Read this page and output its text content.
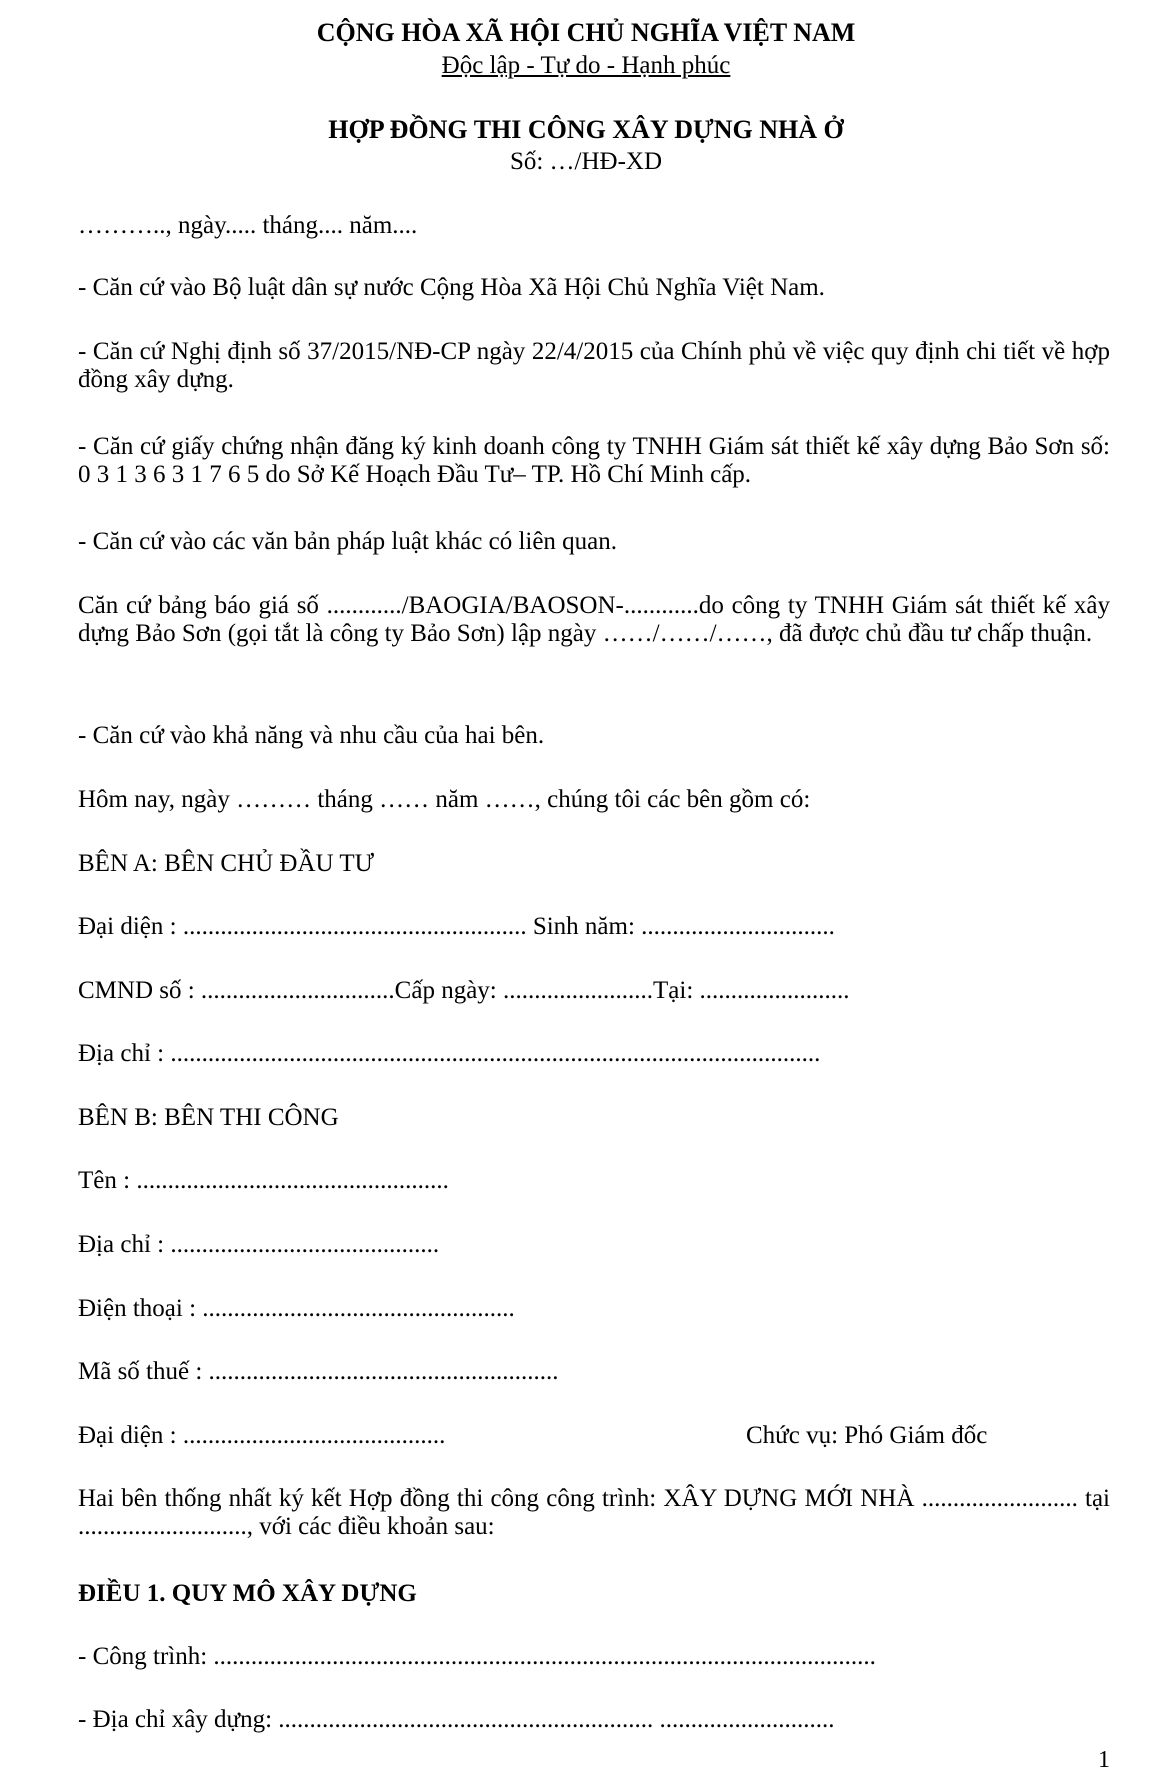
CỘNG HÒA XÃ HỘI CHỦ NGHĨA VIỆT NAM
Độc lập - Tự do - Hạnh phúc
HỢP ĐỒNG THI CÔNG XÂY DỰNG NHÀ Ở
Số: …/HĐ-XD
……….., ngày..... tháng.... năm....
- Căn cứ vào Bộ luật dân sự nước Cộng Hòa Xã Hội Chủ Nghĩa Việt Nam.
- Căn cứ Nghị định số 37/2015/NĐ-CP ngày 22/4/2015 của Chính phủ về việc quy định chi tiết về hợp đồng xây dựng.
- Căn cứ giấy chứng nhận đăng ký kinh doanh công ty TNHH Giám sát thiết kế xây dựng Bảo Sơn số: 0 3 1 3 6 3 1 7 6 5 do Sở Kế Hoạch Đầu Tư– TP. Hồ Chí Minh cấp.
- Căn cứ vào các văn bản pháp luật khác có liên quan.
Căn cứ bảng báo giá số ............/BAOGIA/BAOSON-............do công ty TNHH Giám sát thiết kế xây dựng Bảo Sơn (gọi tắt là công ty Bảo Sơn) lập ngày ……/……/……, đã được chủ đầu tư chấp thuận.
- Căn cứ vào khả năng và nhu cầu của hai bên.
Hôm nay, ngày ……… tháng …… năm ……, chúng tôi các bên gồm có:
BÊN A: BÊN CHỦ ĐẦU TƯ
Đại diện : ....................................................... Sinh năm: ...............................
CMND số : ...............................Cấp ngày: ........................Tại: ........................
Địa chỉ : ........................................................................................................
BÊN B: BÊN THI CÔNG
Tên : ..................................................
Địa chỉ : ...........................................
Điện thoại : ..................................................
Mã số thuế : ........................................................
Đại diện : ..........................................	Chức vụ: Phó Giám đốc
Hai bên thống nhất ký kết Hợp đồng thi công công trình: XÂY DỰNG MỚI NHÀ ......................... tại ..........................., với các điều khoản sau:
ĐIỀU 1. QUY MÔ XÂY DỰNG
- Công trình: ..........................................................................................................
- Địa chỉ xây dựng: ............................................................ ............................
1
